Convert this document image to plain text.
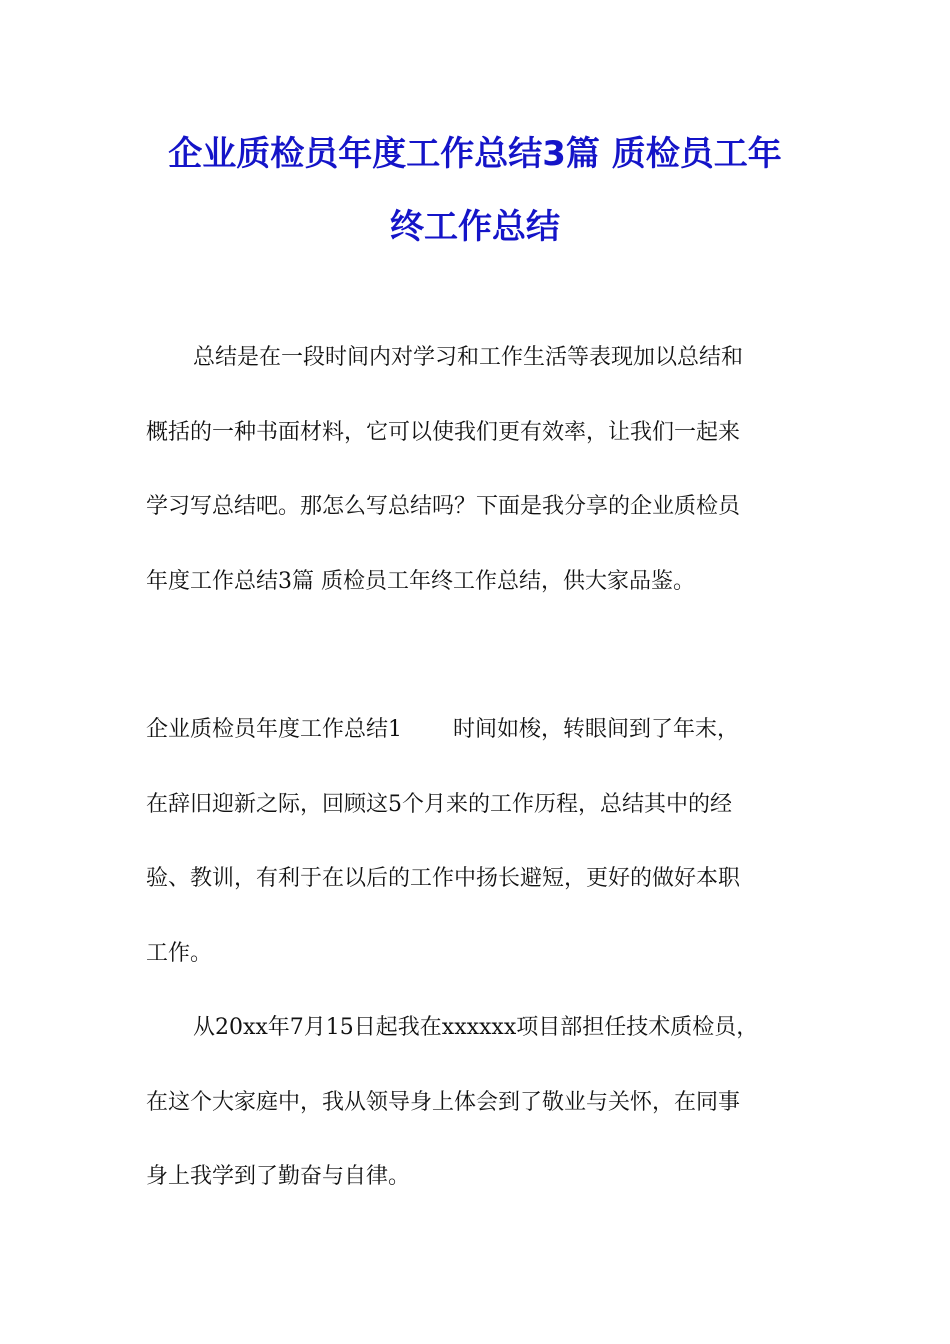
企业质检员年度工作总结3篇 质检员工年
终工作总结
总结是在一段时间内对学习和工作生活等表现加以总结和
概括的一种书面材料，它可以使我们更有效率，让我们一起来
学习写总结吧。那怎么写总结吗？下面是我分享的企业质检员
年度工作总结3篇 质检员工年终工作总结，供大家品鉴。
企业质检员年度工作总结1　　 时间如梭，转眼间到了年末，
在辞旧迎新之际，回顾这5个月来的工作历程，总结其中的经
验、教训，有利于在以后的工作中扬长避短，更好的做好本职
工作。
从20xx年7月15日起我在xxxxxx项目部担任技术质检员，
在这个大家庭中，我从领导身上体会到了敬业与关怀，在同事
身上我学到了勤奋与自律。
